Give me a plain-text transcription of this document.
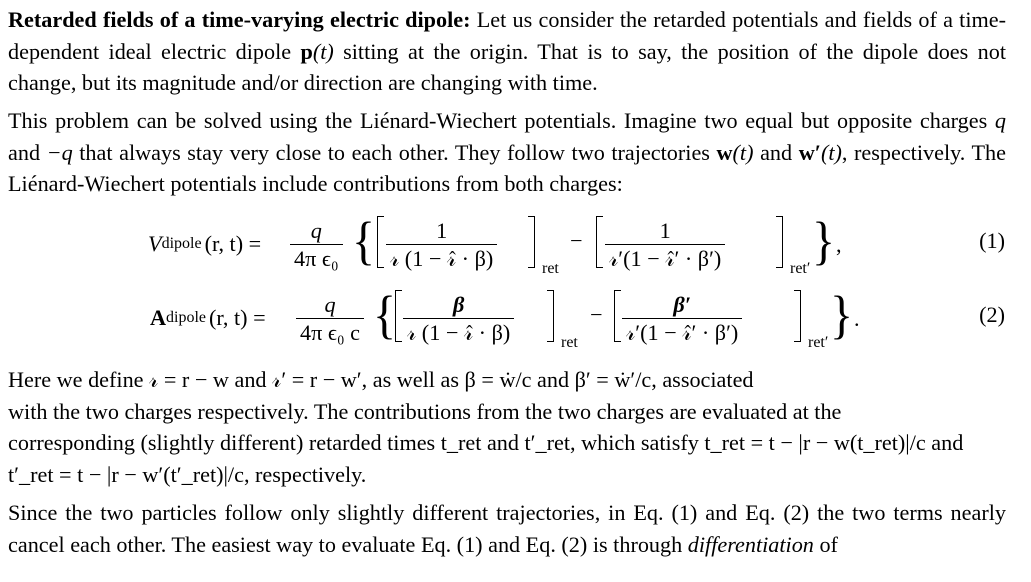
Retarded fields of a time-varying electric dipole: Let us consider the retarded potentials and fields of a time-dependent ideal electric dipole p(t) sitting at the origin. That is to say, the position of the dipole does not change, but its magnitude and/or direction are changing with time.
This problem can be solved using the Liénard-Wiechert potentials. Imagine two equal but opposite charges q and −q that always stay very close to each other. They follow two trajectories w(t) and w′(t), respectively. The Liénard-Wiechert potentials include contributions from both charges:
V dipole (r, $t) = \frac{q}{\text{4π ϵ₀}}$ {	1
𝓇 (1 − 𝓇̂ · β)	ret
−	1
𝓇′(1 − 𝓇̂′ · β′)	ret′ } ,	(1)
A dipole (r, $t) = \frac{q}{\text{4π ϵ₀ c}}$ {	β
𝓇 (1 − 𝓇̂ · β)	ret
−	β′
𝓇′(1 − 𝓇̂′ · β′)	ret′ } .	(2)
Here we define 𝓇 = r − w and 𝓇′ = r − w′, as well as β = ẇ/c and β′ = ẇ′/c, associated
with the two charges respectively. The contributions from the two charges are evaluated at the
corresponding (slightly different) retarded times t_ret and t′_ret, which satisfy t_ret = t − |r − w(t_ret)|/c and
t′_ret = t − |r − w′(t′_ret)|/c, respectively.
Since the two particles follow only slightly different trajectories, in Eq. (1) and Eq. (2) the two terms nearly cancel each other. The easiest way to evaluate Eq. (1) and Eq. (2) is through differentiation of
